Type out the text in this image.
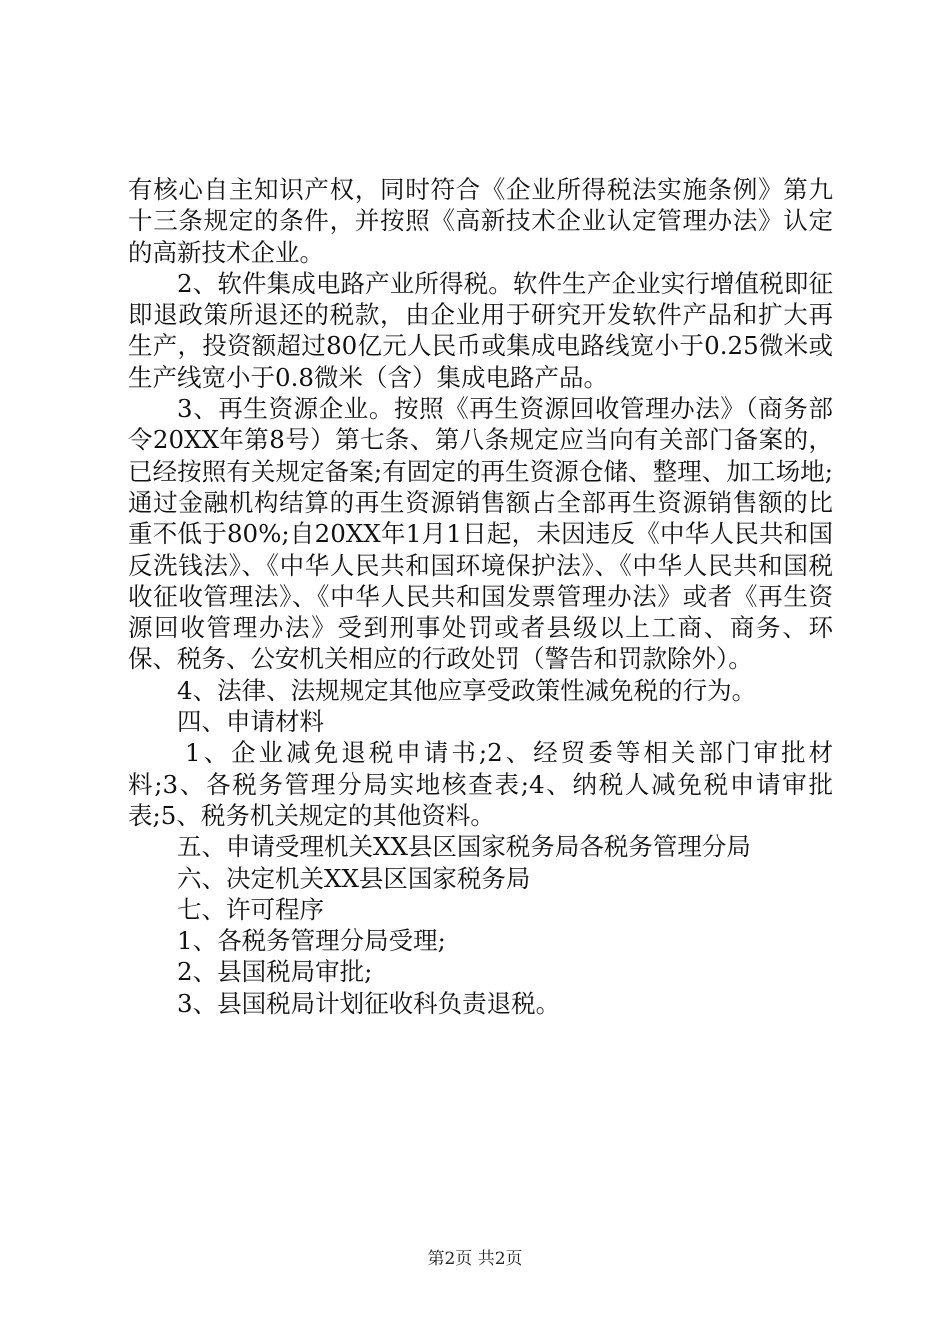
有核心自主知识产权，同时符合《企业所得税法实施条例》第九十三条规定的条件，并按照《高新技术企业认定管理办法》认定的高新技术企业。

2、软件集成电路产业所得税。软件生产企业实行增值税即征即退政策所退还的税款，由企业用于研究开发软件产品和扩大再生产，投资额超过80亿元人民币或集成电路线宽小于0.25微米或生产线宽小于0.8微米（含）集成电路产品。

3、再生资源企业。按照《再生资源回收管理办法》（商务部令20XX年第8号）第七条、第八条规定应当向有关部门备案的，已经按照有关规定备案;有固定的再生资源仓储、整理、加工场地;通过金融机构结算的再生资源销售额占全部再生资源销售额的比重不低于80%;自20XX年1月1日起，未因违反《中华人民共和国反洗钱法》、《中华人民共和国环境保护法》、《中华人民共和国税收征收管理法》、《中华人民共和国发票管理办法》或者《再生资源回收管理办法》受到刑事处罚或者县级以上工商、商务、环保、税务、公安机关相应的行政处罚（警告和罚款除外）。

4、法律、法规规定其他应享受政策性减免税的行为。

四、申请材料

1、企业减免退税申请书;2、经贸委等相关部门审批材料;3、各税务管理分局实地核查表;4、纳税人减免税申请审批表;5、税务机关规定的其他资料。

五、申请受理机关XX县区国家税务局各税务管理分局

六、决定机关XX县区国家税务局

七、许可程序

1、各税务管理分局受理;

2、县国税局审批;

3、县国税局计划征收科负责退税。

第2页 共2页
